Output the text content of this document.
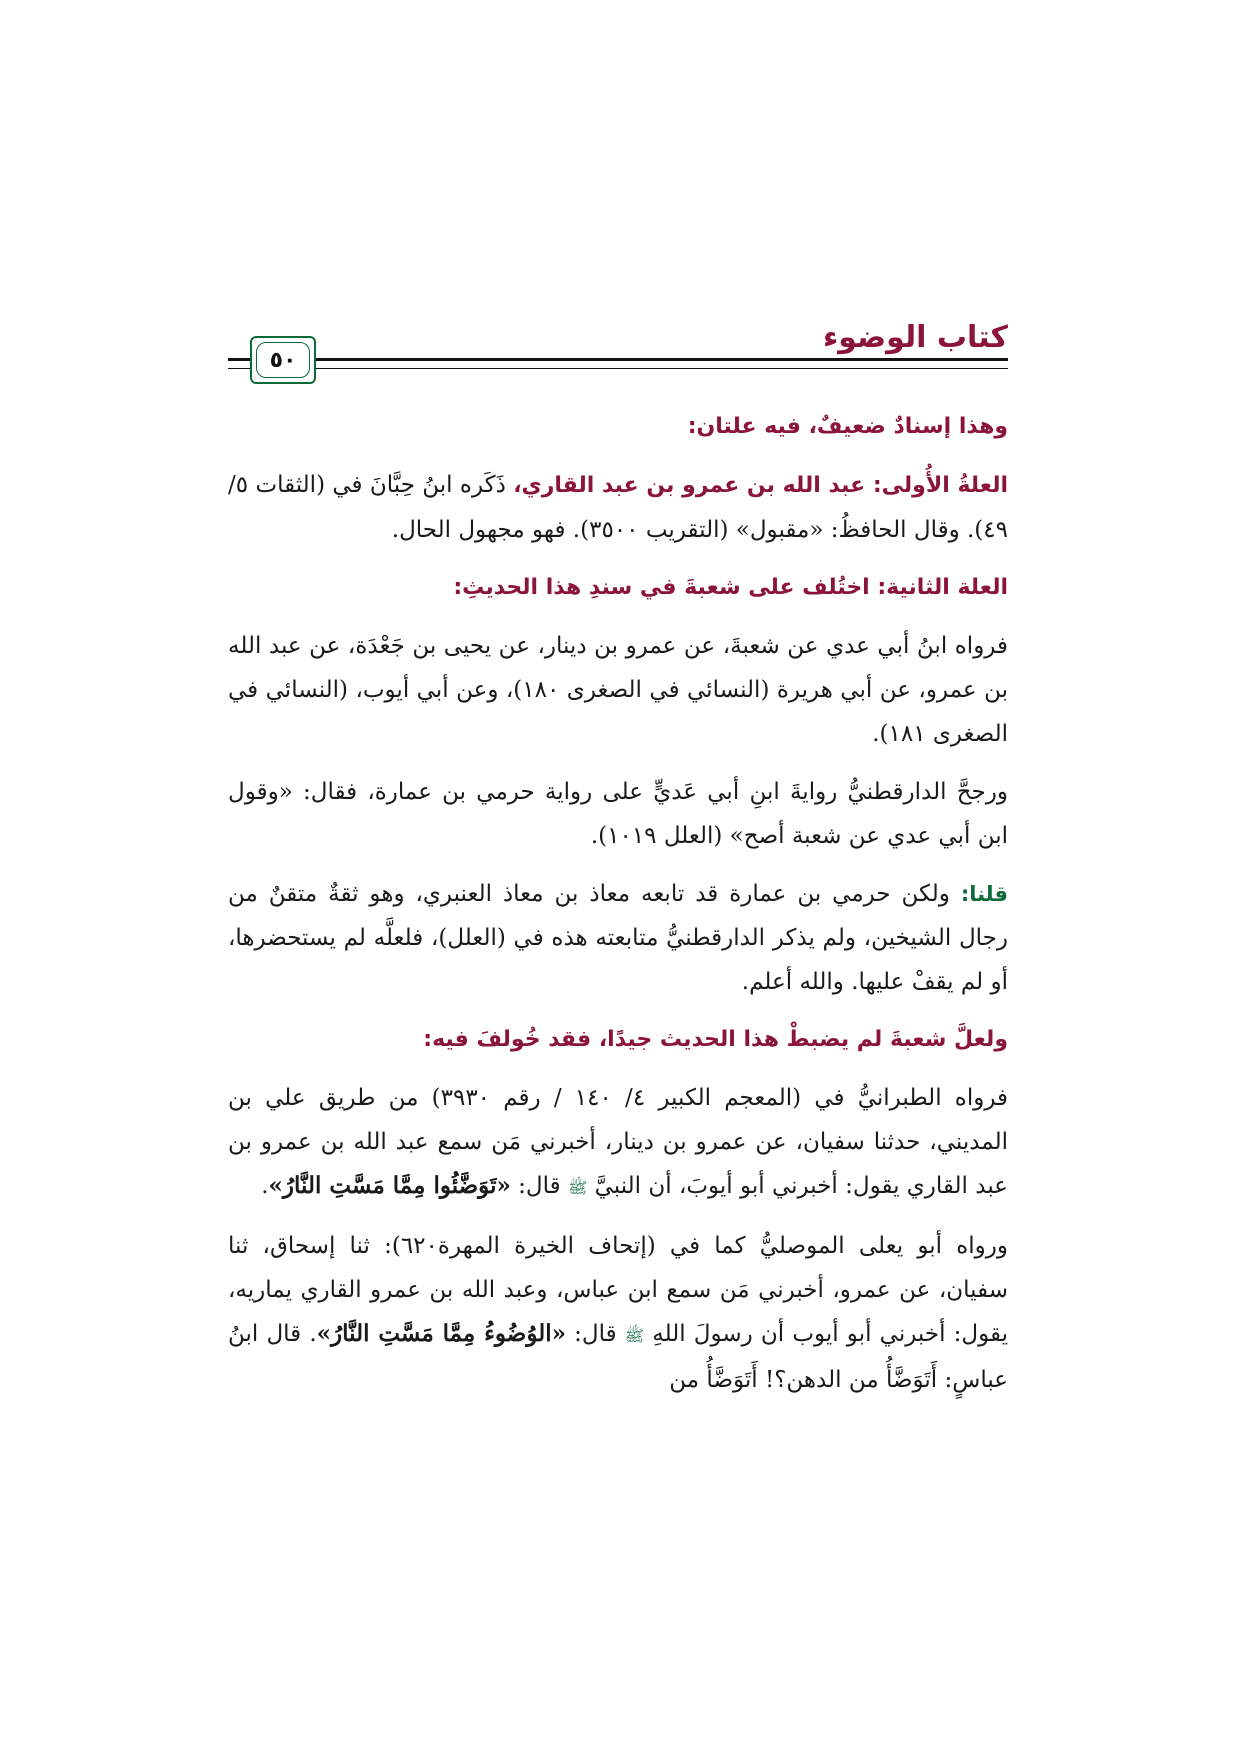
كتاب الوضوء
٥٠

وهذا إسنادٌ ضعيفٌ، فيه علتان:

العلةُ الأُولى: عبد الله بن عمرو بن عبد القاري، ذَكَره ابنُ حِبَّانَ في (الثقات ٥/ ٤٩). وقال الحافظُ: «مقبول» (التقريب ٣٥٠٠). فهو مجهول الحال.

العلة الثانية: اختُلف على شعبةَ في سندِ هذا الحديثِ:

فرواه ابنُ أبي عدي عن شعبةَ، عن عمرو بن دينار، عن يحيى بن جَعْدَة، عن عبد الله بن عمرو، عن أبي هريرة (النسائي في الصغرى ١٨٠)، وعن أبي أيوب، (النسائي في الصغرى ١٨١).

ورجحَّ الدارقطنيُّ روايةَ ابنِ أبي عَديٍّ على رواية حرمي بن عمارة، فقال: «وقول ابن أبي عدي عن شعبة أصح» (العلل ١٠١٩).

قلنا: ولكن حرمي بن عمارة قد تابعه معاذ بن معاذ العنبري، وهو ثقةٌ متقنٌ من رجال الشيخين، ولم يذكر الدارقطنيُّ متابعته هذه في (العلل)، فلعلَّه لم يستحضرها، أو لم يقفْ عليها. والله أعلم.

ولعلَّ شعبةَ لم يضبطْ هذا الحديث جيدًا، فقد خُولفَ فيه:

فرواه الطبرانيُّ في (المعجم الكبير ٤/ ١٤٠ / رقم ٣٩٣٠) من طريق علي بن المديني، حدثنا سفيان، عن عمرو بن دينار، أخبرني مَن سمع عبد الله بن عمرو بن عبد القاري يقول: أخبرني أبو أيوبَ، أن النبيَّ ﷺ قال: «تَوَضَّئُوا مِمَّا مَسَّتِ النَّارُ».

ورواه أبو يعلى الموصليُّ كما في (إتحاف الخيرة المهرة٦٢٠): ثنا إسحاق، ثنا سفيان، عن عمرو، أخبرني مَن سمع ابن عباس، وعبد الله بن عمرو القاري يماريه، يقول: أخبرني أبو أيوب أن رسولَ اللهِ ﷺ قال: «الوُضُوءُ مِمَّا مَسَّتِ النَّارُ». قال ابنُ عباسٍ: أَتَوَضَّأُ من الدهن؟! أَتَوَضَّأُ من
